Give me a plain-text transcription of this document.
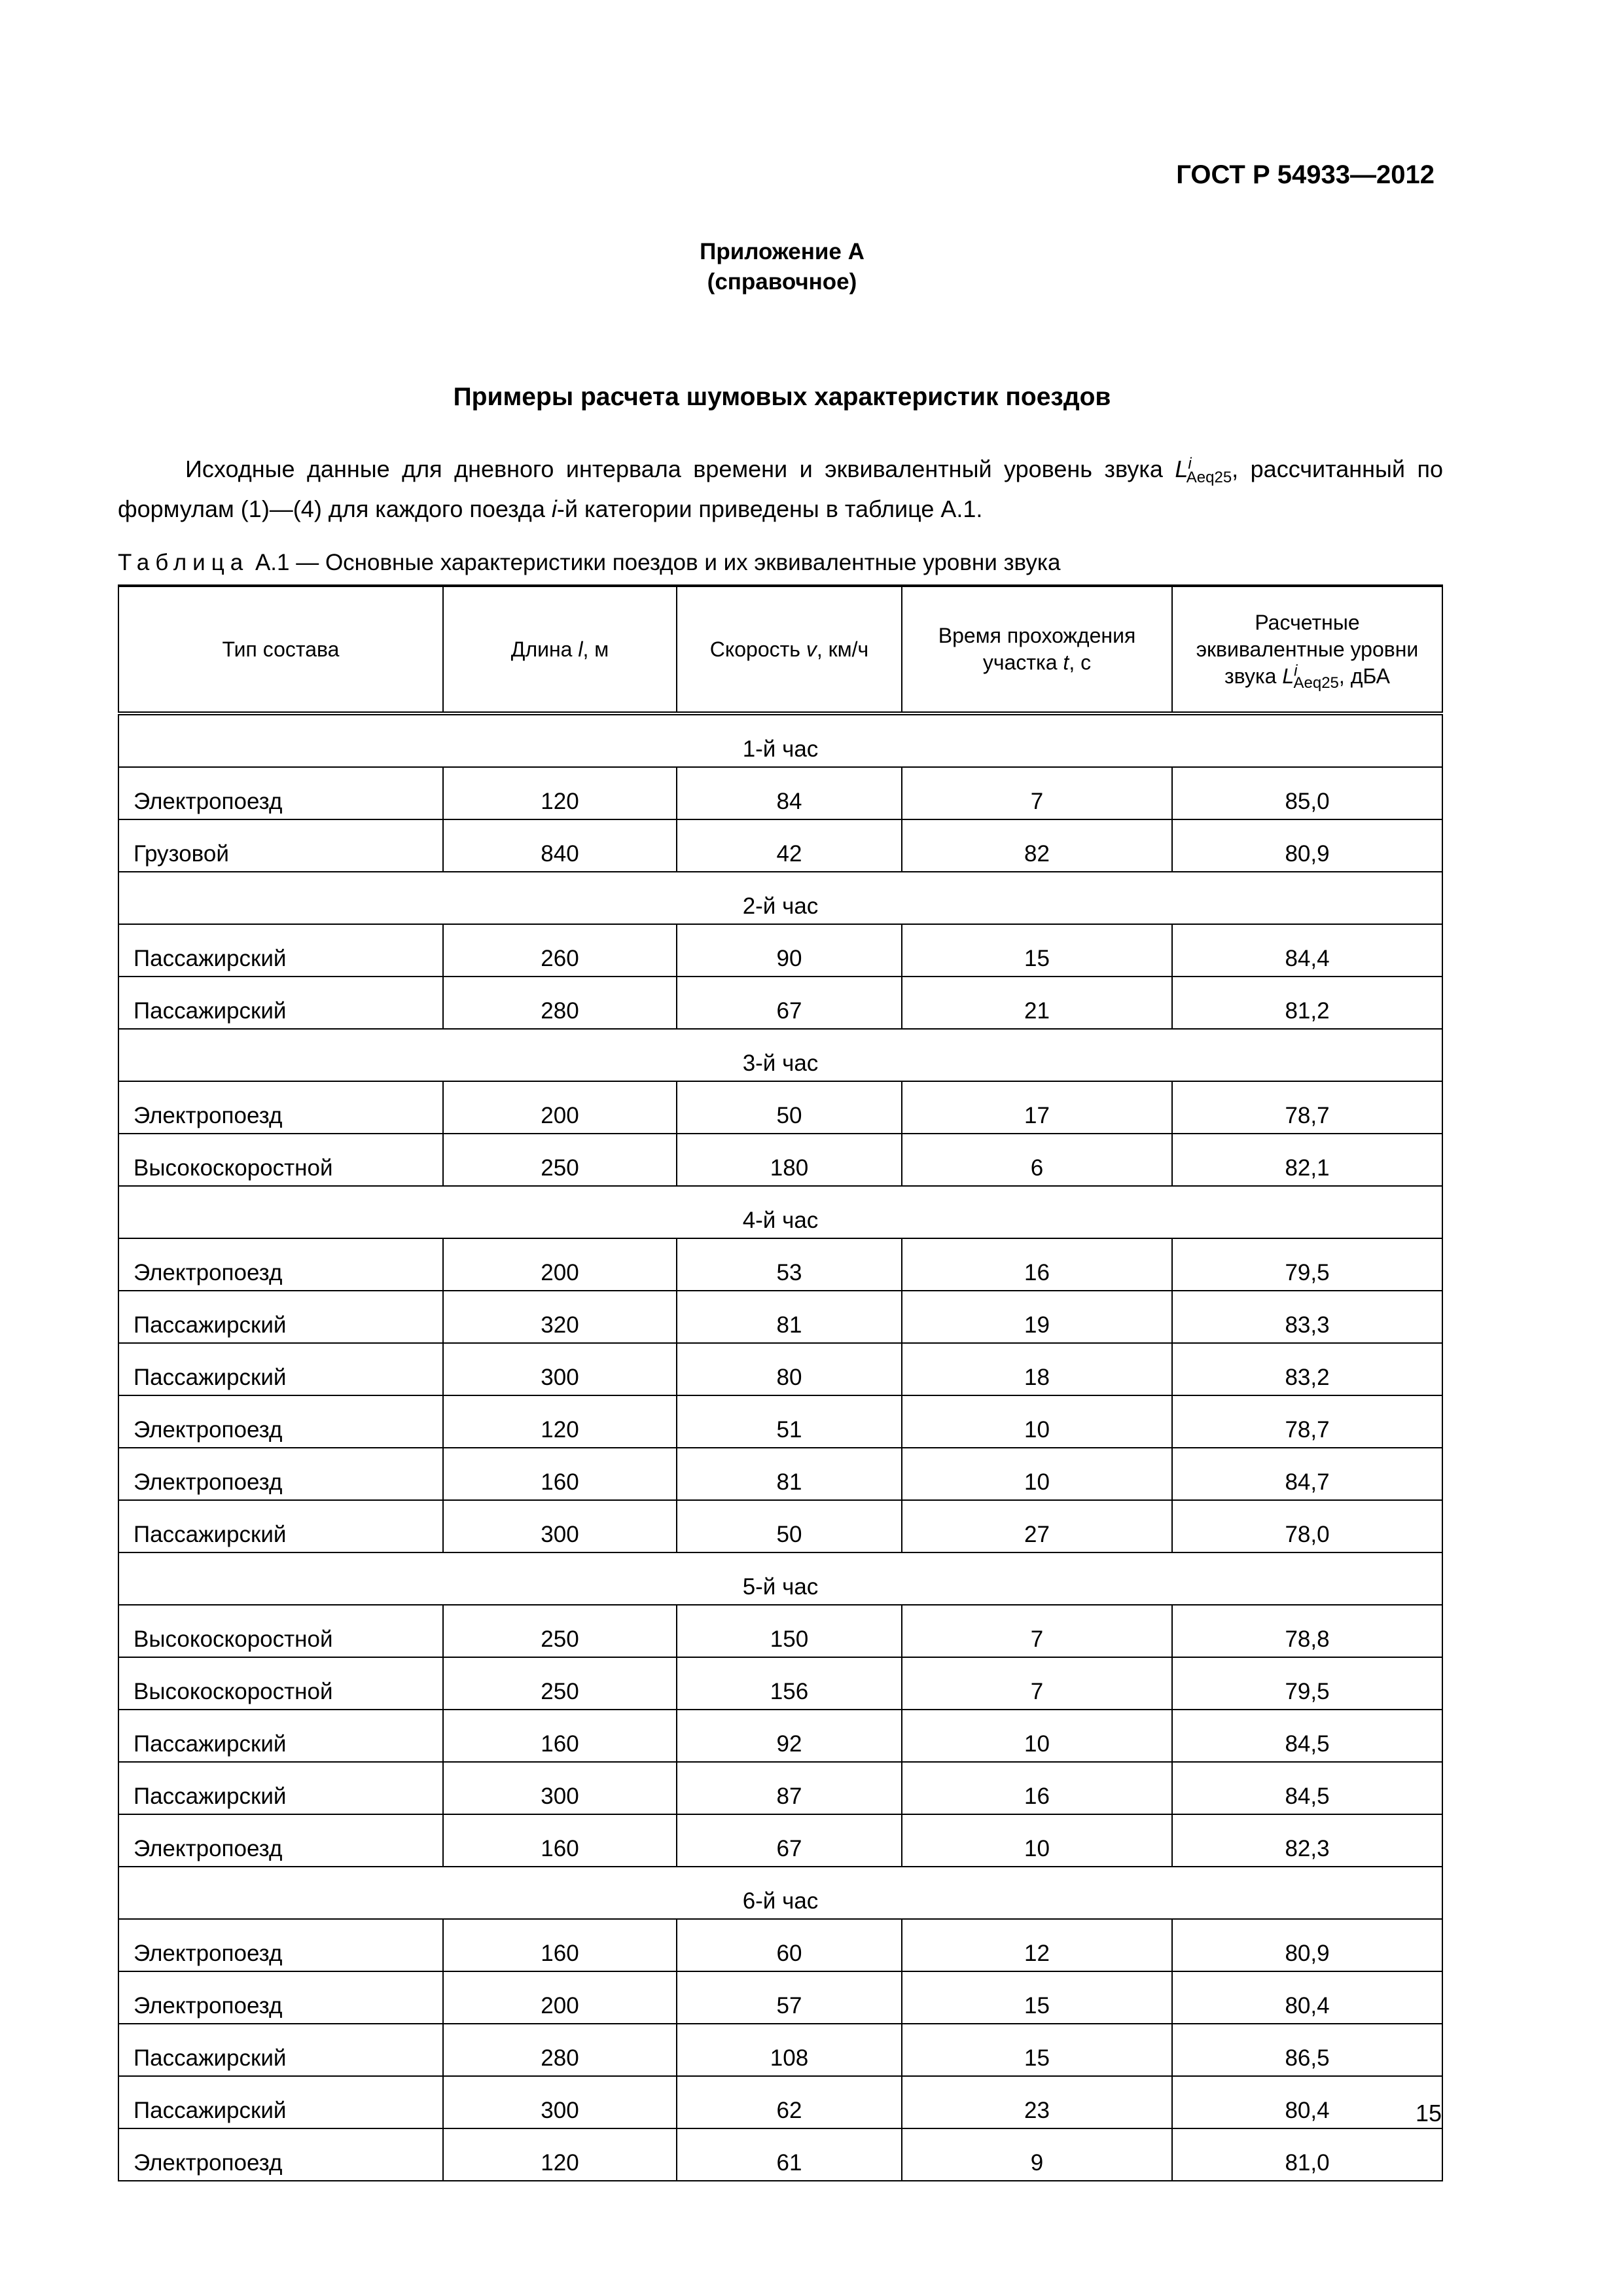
ГОСТ Р 54933—2012
Приложение А
(справочное)
Примеры расчета шумовых характеристик поездов
Исходные данные для дневного интервала времени и эквивалентный уровень звука $L^i_{Aeq25}$, рассчитанный по формулам (1)—(4) для каждого поезда i-й категории приведены в таблице А.1.
Таблица А.1 — Основные характеристики поездов и их эквивалентные уровни звука
Тип состава	Длина l, м	Скорость v, км/ч	Время прохождения участка t, с	Расчетные эквивалентные уровни звука $L^i_{Aeq25}$, дБА
1-й час				
Электропоезд	120	84	7	85,0
Грузовой	840	42	82	80,9
2-й час				
Пассажирский	260	90	15	84,4
Пассажирский	280	67	21	81,2
3-й час				
Электропоезд	200	50	17	78,7
Высокоскоростной	250	180	6	82,1
4-й час				
Электропоезд	200	53	16	79,5
Пассажирский	320	81	19	83,3
Пассажирский	300	80	18	83,2
Электропоезд	120	51	10	78,7
Электропоезд	160	81	10	84,7
Пассажирский	300	50	27	78,0
5-й час				
Высокоскоростной	250	150	7	78,8
Высокоскоростной	250	156	7	79,5
Пассажирский	160	92	10	84,5
Пассажирский	300	87	16	84,5
Электропоезд	160	67	10	82,3
6-й час				
Электропоезд	160	60	12	80,9
Электропоезд	200	57	15	80,4
Пассажирский	280	108	15	86,5
Пассажирский	300	62	23	80,4
Электропоезд	120	61	9	81,0
15
